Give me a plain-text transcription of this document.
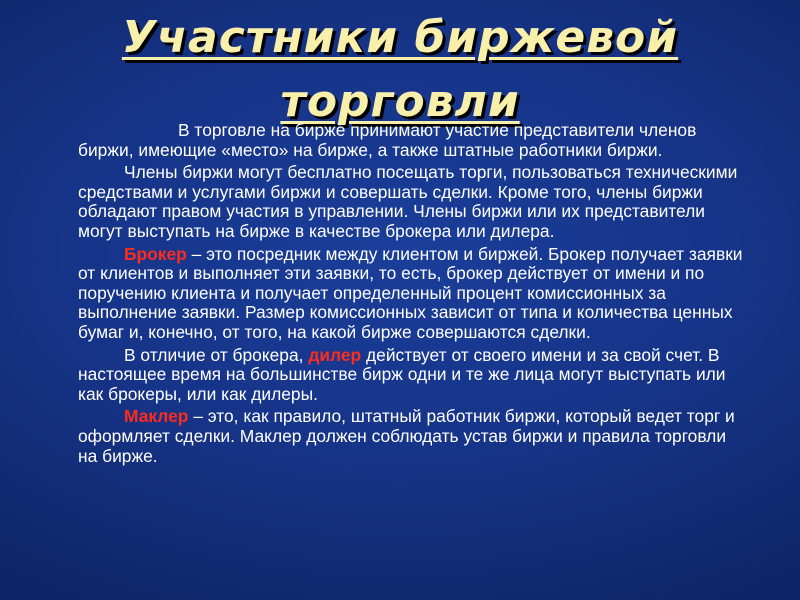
Участники биржевой
торговли

В торговле на бирже принимают участие представители членов биржи, имеющие «место» на бирже, а также штатные работники биржи.

Члены биржи могут бесплатно посещать торги, пользоваться техническими средствами и услугами биржи и совершать сделки. Кроме того, члены биржи обладают правом участия в управлении. Члены биржи или их представители могут выступать на бирже в качестве брокера или дилера.

Брокер – это посредник между клиентом и биржей. Брокер получает заявки от клиентов и выполняет эти заявки, то есть, брокер действует от имени и по поручению клиента и получает определенный процент комиссионных за выполнение заявки. Размер комиссионных зависит от типа и количества ценных бумаг и, конечно, от того, на какой бирже совершаются сделки.

В отличие от брокера, дилер действует от своего имени и за свой счет. В настоящее время на большинстве бирж одни и те же лица могут выступать или как брокеры, или как дилеры.

Маклер – это, как правило, штатный работник биржи, который ведет торг и оформляет сделки. Маклер должен соблюдать устав биржи и правила торговли на бирже.
